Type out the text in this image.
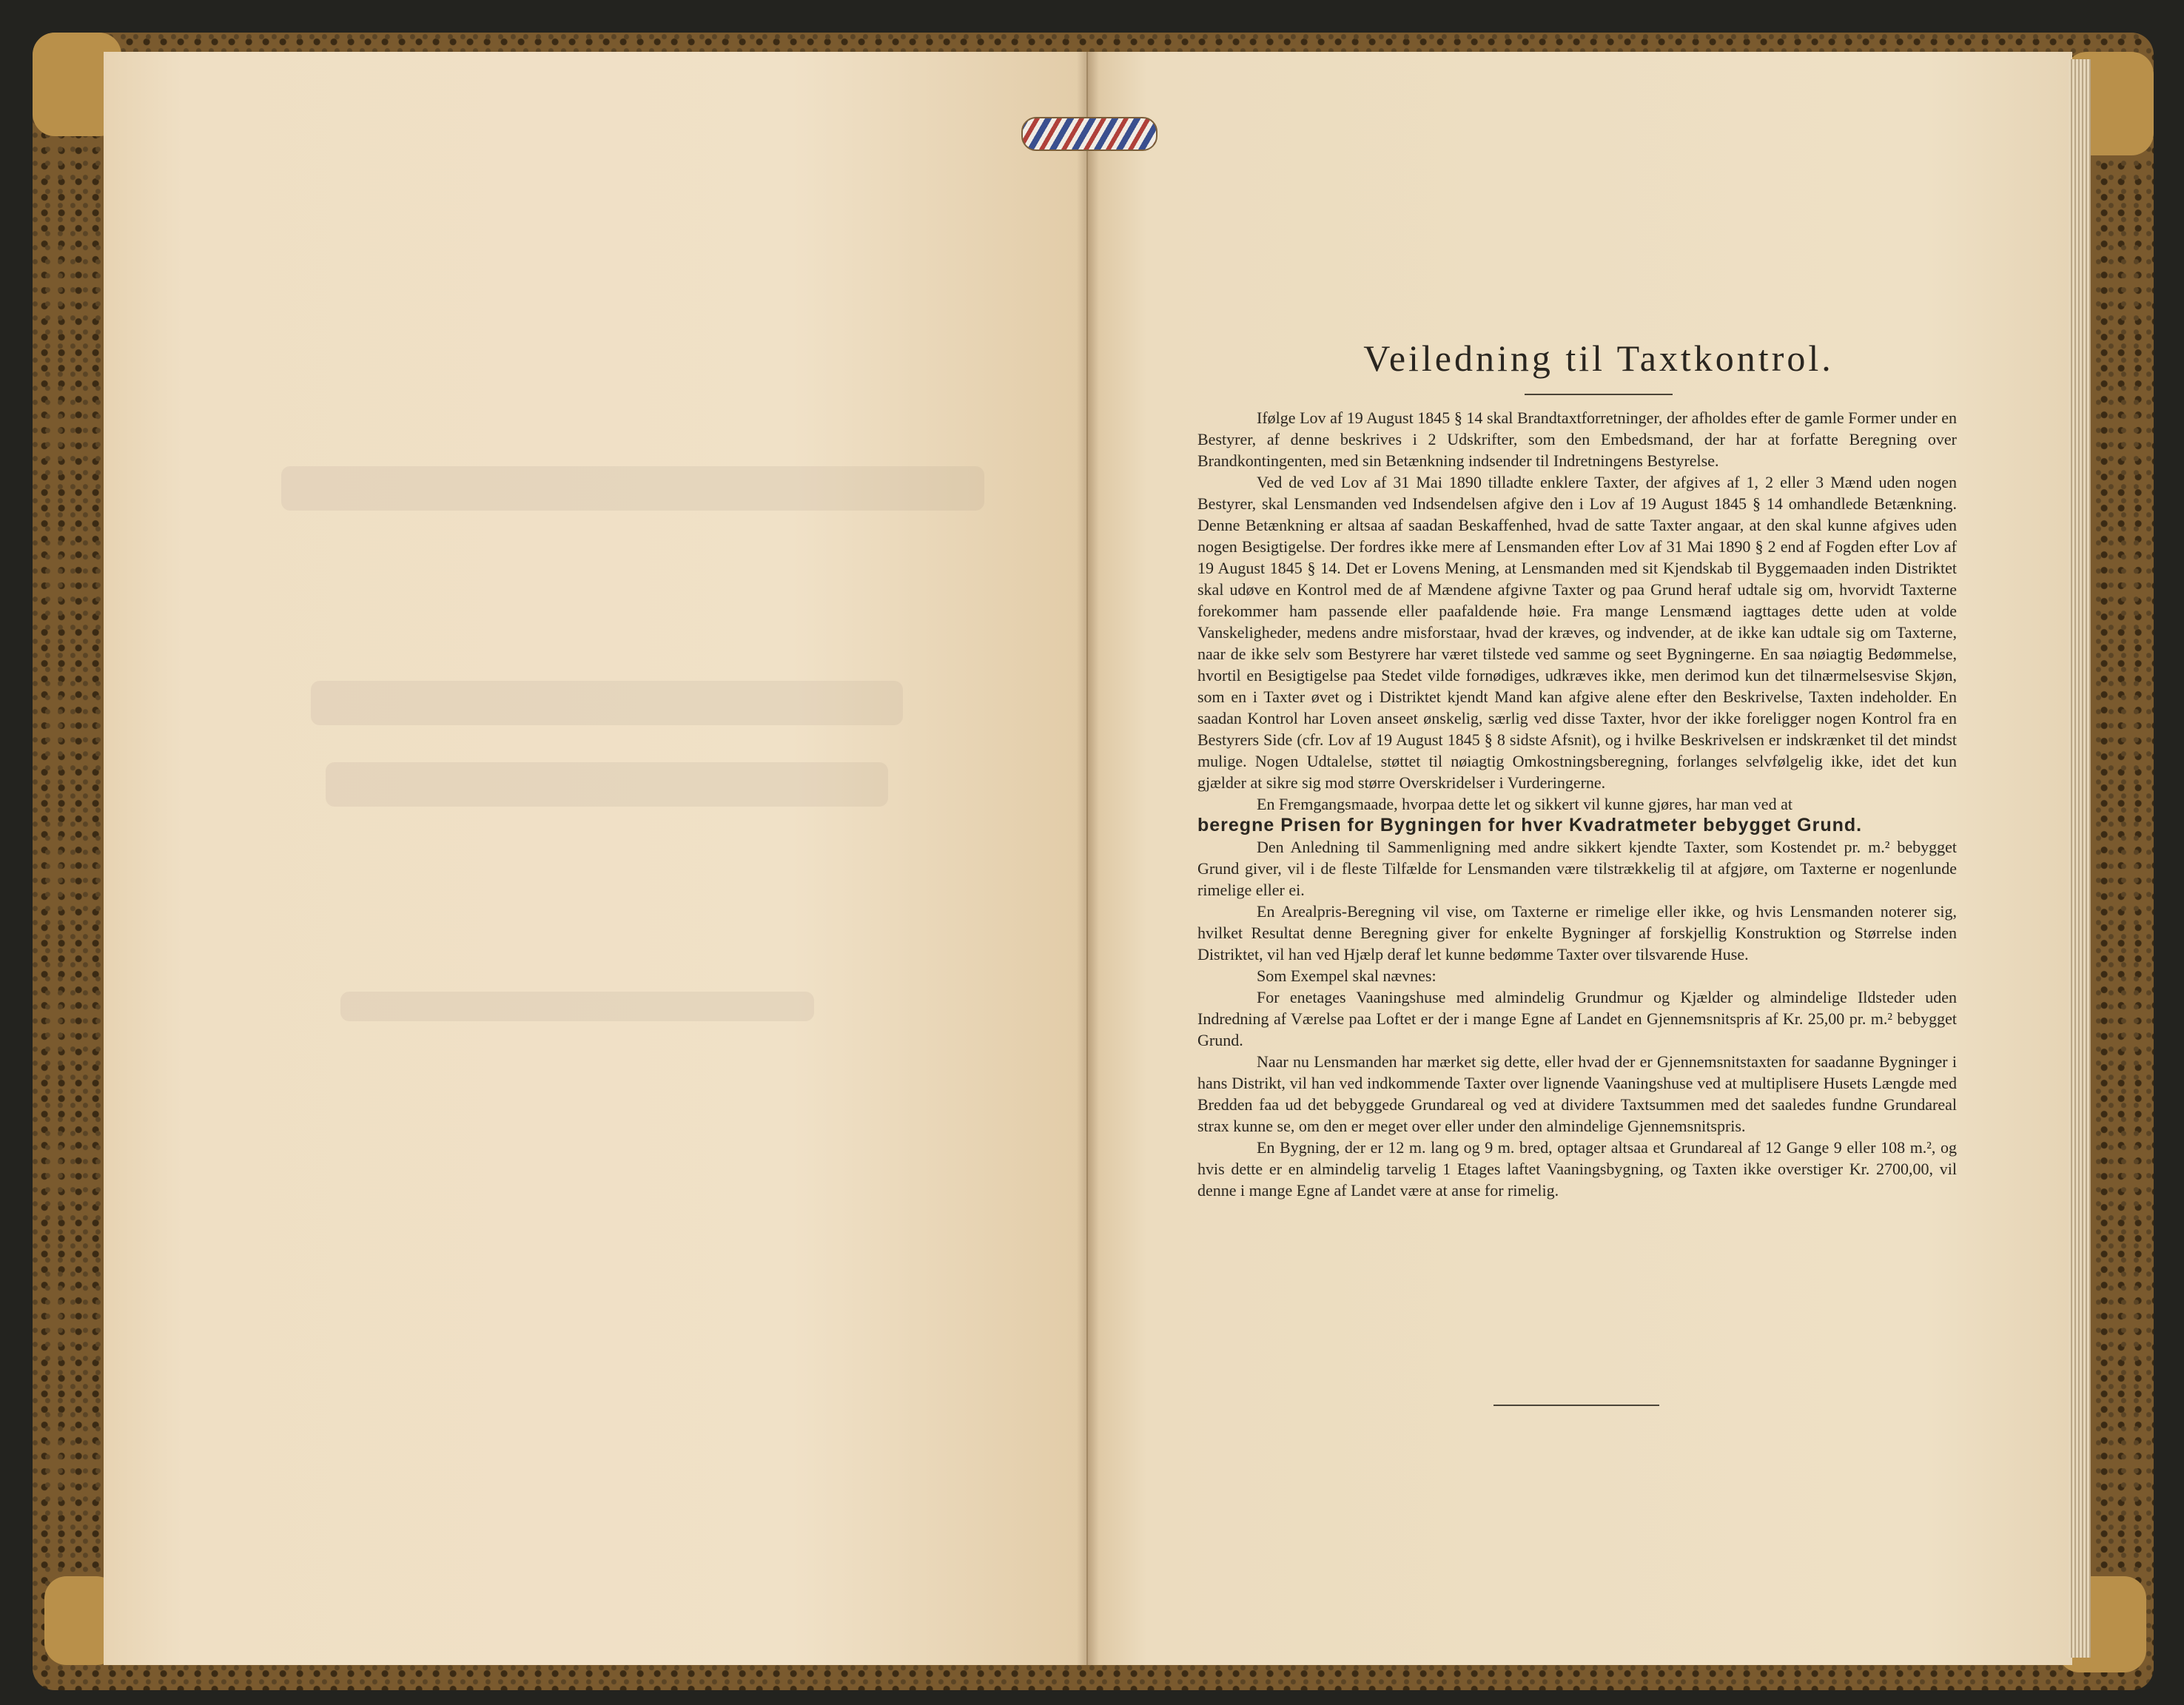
Veiledning til Taxtkontrol.

Ifølge Lov af 19 August 1845 § 14 skal Brandtaxtforretninger, der afholdes efter de gamle Former under en Bestyrer, af denne beskrives i 2 Udskrifter, som den Embedsmand, der har at forfatte Beregning over Brandkontingenten, med sin Betænkning indsender til Indretningens Bestyrelse.

Ved de ved Lov af 31 Mai 1890 tilladte enklere Taxter, der afgives af 1, 2 eller 3 Mænd uden nogen Bestyrer, skal Lensmanden ved Indsendelsen afgive den i Lov af 19 August 1845 § 14 omhandlede Betænkning. Denne Betænkning er altsaa af saadan Beskaffenhed, hvad de satte Taxter angaar, at den skal kunne afgives uden nogen Besigtigelse. Der fordres ikke mere af Lensmanden efter Lov af 31 Mai 1890 § 2 end af Fogden efter Lov af 19 August 1845 § 14. Det er Lovens Mening, at Lensmanden med sit Kjendskab til Byggemaaden inden Distriktet skal udøve en Kontrol med de af Mændene afgivne Taxter og paa Grund heraf udtale sig om, hvorvidt Taxterne forekommer ham passende eller paafaldende høie. Fra mange Lensmænd iagttages dette uden at volde Vanskeligheder, medens andre misforstaar, hvad der kræves, og indvender, at de ikke kan udtale sig om Taxterne, naar de ikke selv som Bestyrere har været tilstede ved samme og seet Bygningerne. En saa nøiagtig Bedømmelse, hvortil en Besigtigelse paa Stedet vilde fornødiges, udkræves ikke, men derimod kun det tilnærmelsesvise Skjøn, som en i Taxter øvet og i Distriktet kjendt Mand kan afgive alene efter den Beskrivelse, Taxten indeholder. En saadan Kontrol har Loven anseet ønskelig, særlig ved disse Taxter, hvor der ikke foreligger nogen Kontrol fra en Bestyrers Side (cfr. Lov af 19 August 1845 § 8 sidste Afsnit), og i hvilke Beskrivelsen er indskrænket til det mindst mulige. Nogen Udtalelse, støttet til nøiagtig Omkostningsberegning, forlanges selvfølgelig ikke, idet det kun gjælder at sikre sig mod større Overskridelser i Vurderingerne.

En Fremgangsmaade, hvorpaa dette let og sikkert vil kunne gjøres, har man ved at

beregne Prisen for Bygningen for hver Kvadratmeter bebygget Grund.

Den Anledning til Sammenligning med andre sikkert kjendte Taxter, som Kostendet pr. m.² bebygget Grund giver, vil i de fleste Tilfælde for Lensmanden være tilstrækkelig til at afgjøre, om Taxterne er nogenlunde rimelige eller ei.

En Arealpris-Beregning vil vise, om Taxterne er rimelige eller ikke, og hvis Lensmanden noterer sig, hvilket Resultat denne Beregning giver for enkelte Bygninger af forskjellig Konstruktion og Størrelse inden Distriktet, vil han ved Hjælp deraf let kunne bedømme Taxter over tilsvarende Huse.

Som Exempel skal nævnes:

For enetages Vaaningshuse med almindelig Grundmur og Kjælder og almindelige Ildsteder uden Indredning af Værelse paa Loftet er der i mange Egne af Landet en Gjennemsnitspris af Kr. 25,00 pr. m.² bebygget Grund.

Naar nu Lensmanden har mærket sig dette, eller hvad der er Gjennemsnitstaxten for saadanne Bygninger i hans Distrikt, vil han ved indkommende Taxter over lignende Vaaningshuse ved at multiplisere Husets Længde med Bredden faa ud det bebyggede Grundareal og ved at dividere Taxtsummen med det saaledes fundne Grundareal strax kunne se, om den er meget over eller under den almindelige Gjennemsnitspris.

En Bygning, der er 12 m. lang og 9 m. bred, optager altsaa et Grundareal af 12 Gange 9 eller 108 m.², og hvis dette er en almindelig tarvelig 1 Etages laftet Vaaningsbygning, og Taxten ikke overstiger Kr. 2700,00, vil denne i mange Egne af Landet være at anse for rimelig.
